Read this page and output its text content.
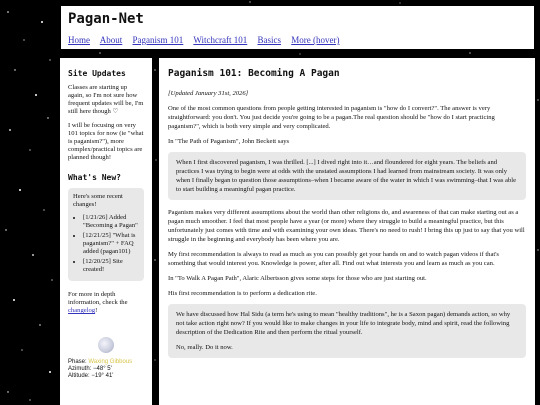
Pagan-Net
Home About Paganism 101 Witchcraft 101 Basics More (hover)
Site Updates

Classes are starting up again, so I'm not sure how frequent updates will be, I'm still here though ♡

I will be focusing on very 101 topics for now (ie "what is paganism?"), more complex/practical topics are planned though!

What's New?
Here's some recent changes!
• [1/21/26] Added "Becoming a Pagan"
• [12/21/25] "What is paganism?" + FAQ added (pagan101)
• [12/20/25] Site created!

For more in depth information, check the changelog!

Phase: Waxing Gibbous
Azimuth: −48° 5'
Altitude: −19° 41'
Paganism 101: Becoming A Pagan

[Updated January 31st, 2026]

One of the most common questions from people getting interested in paganism is "how do I convert?". The answer is very straightforward: you don't. You just decide you're going to be a pagan.The real question should be "how do I start practicing paganism?", which is both very simple and very complicated.

In "The Path of Paganism", John Beckett says

When I first discovered paganism, I was thrilled. [...] I dived right into it…and floundered for eight years. The beliefs and practices I was trying to begin were at odds with the unstated assumptions I had learned from mainstream society. It was only when I finally began to question those assumptions–when I became aware of the water in which I was swimming–that I was able to start building a meaningful pagan practice.

Paganism makes very different assumptions about the world than other religions do, and awareness of that can make starting out as a pagan much smoother. I feel that most people have a year (or more) where they struggle to build a meaningful practice, but this unfortunately just comes with time and with examining your own ideas. There's no need to rush! I bring this up just to say that you will struggle in the beginning and everybody has been where you are.

My first recommendation is always to read as much as you can possibly get your hands on and to watch pagan videos if that's something that would interest you. Knowledge is power, after all. Find out what interests you and learn as much as you can.

In "To Walk A Pagan Path", Alaric Albertsson gives some steps for those who are just starting out.

His first recommendation is to perform a dedication rite.

We have discussed how Hal Sidu (a term he's using to mean "healthy traditions", he is a Saxon pagan) demands action, so why not take action right now? If you would like to make changes in your life to integrate body, mind and spirit, read the following description of the Dedication Rite and then perform the ritual yourself.

No, really. Do it now.
